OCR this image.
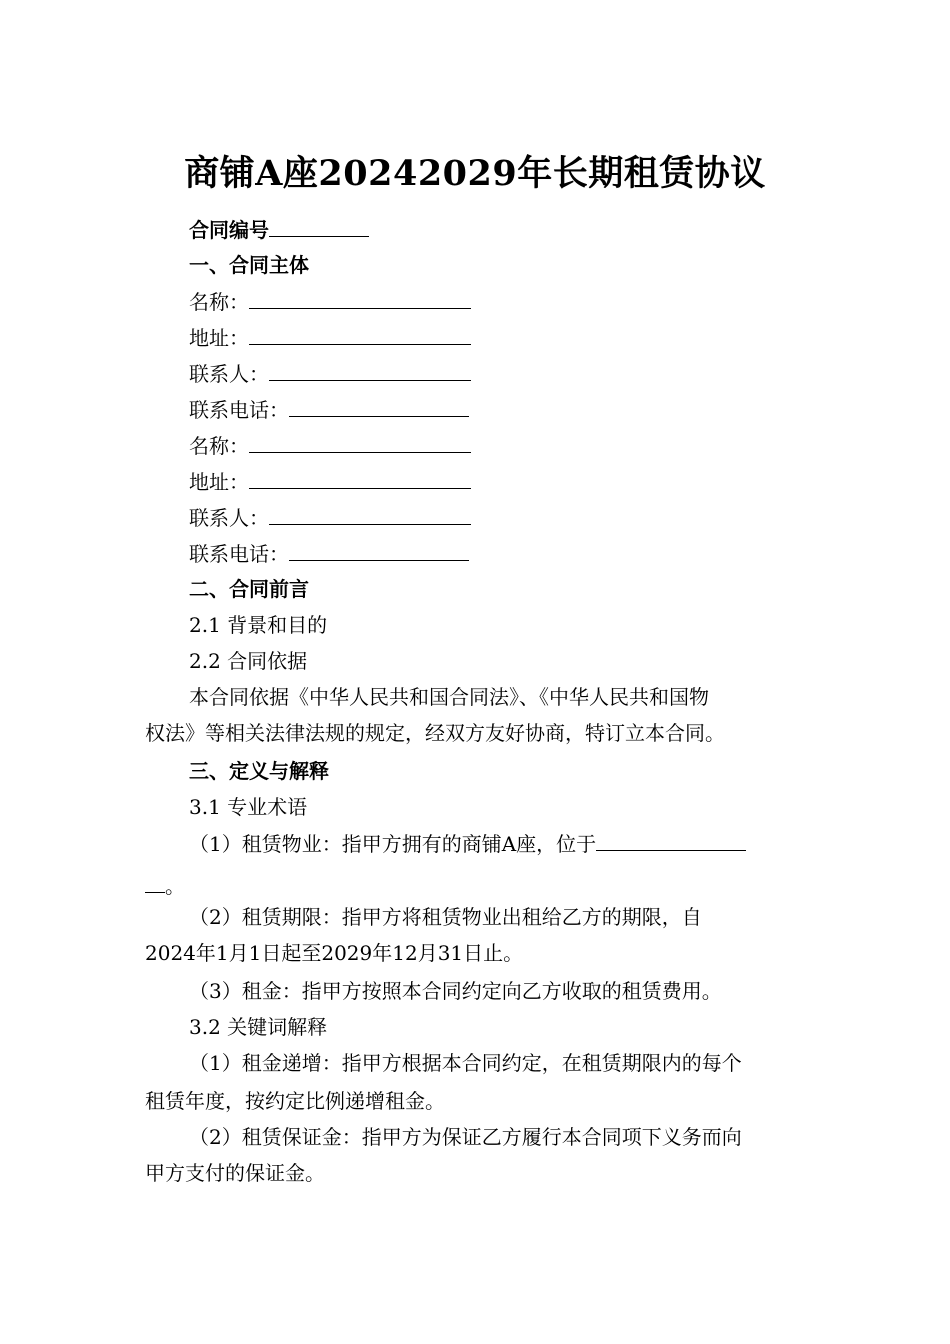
商铺A座20242029年长期租赁协议
合同编号
一、合同主体
名称：
地址：
联系人：
联系电话：
名称：
地址：
联系人：
联系电话：
二、合同前言
2.1 背景和目的
2.2 合同依据
本合同依据《中华人民共和国合同法》、《中华人民共和国物
权法》等相关法律法规的规定，经双方友好协商，特订立本合同。
三、定义与解释
3.1 专业术语
（1）租赁物业：指甲方拥有的商铺A座，位于
。
（2）租赁期限：指甲方将租赁物业出租给乙方的期限，自
2024年1月1日起至2029年12月31日止。
（3）租金：指甲方按照本合同约定向乙方收取的租赁费用。
3.2 关键词解释
（1）租金递增：指甲方根据本合同约定，在租赁期限内的每个
租赁年度，按约定比例递增租金。
（2）租赁保证金：指甲方为保证乙方履行本合同项下义务而向
甲方支付的保证金。
